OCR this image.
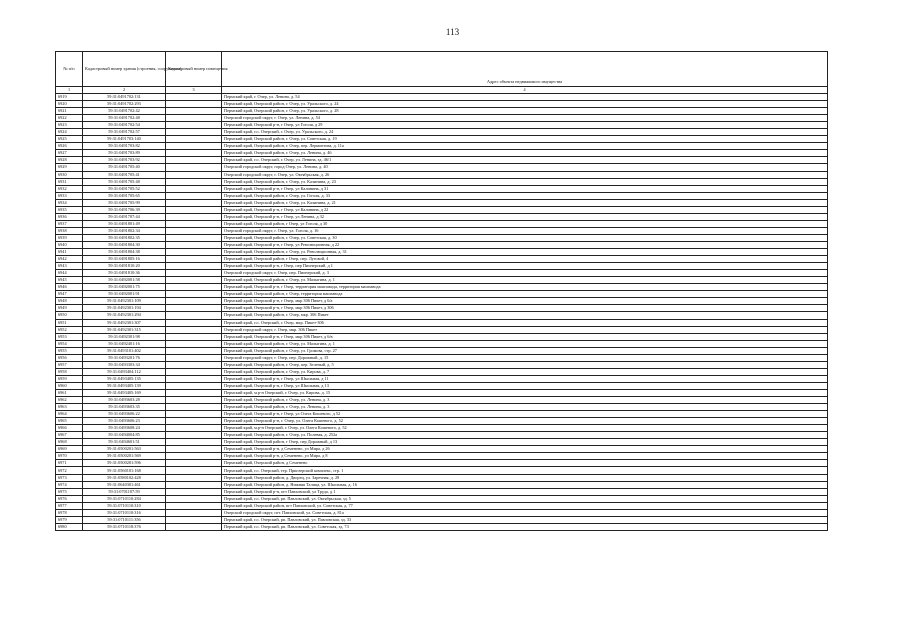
113
№ п/п	Кадастровый номер здания (строения, сооружения)	Кадастровый номер помещения	Адрес объекта недвижимого имущества
1	2	3	4
6919	59:31:0491702:131		Пермский край, г. Очер, ул. Ленина, д. 54
6920	59:31:0491702:293		Пермский край, Очерский район, г. Очер, ул. Уральского, д. 24
6921	59:31:0491702:42		Пермский край, Очерский район, г. Очер, ул. Уральского, д. 28
6922	59:31:0491702:48		Очерский городской округ, г. Очер, ул. Ленина, д. 54
6923	59:31:0491702:54		Пермский край, Очерский р-н, г Очер, ул Гоголя, д 29
6924	59:31:0491702:57		Пермский край, г.о. Очерский, г. Очер, ул. Уральского, д. 24
6925	59:31:0491703:140		Пермский край, Очерский район, г. Очер, ул. Советская, д. 19
6926	59:31:0491703:82		Пермский край, Очерский район, г. Очер, пер. Лермонтова, д. 11а
6927	59:31:0491703:89		Пермский край, Очерский район, г. Очер, ул. Ленина, д. 46
6928	59:31:0491703:92		Пермский край, г.о. Очерский, г. Очер, ул. Ленина, зд. 46/1
6929	59:31:0491705:40		Очерский городской округ, город Очер, ул. Ленина, д. 40
6930	59:31:0491705:41		Очерский городской округ, г. Очер, ул. Октябрьская, д. 26
6931	59:31:0491705:48		Пермский край, Очерский район, г. Очер, ул. Калинина, д. 23
6932	59:31:0491705:52		Пермский край, Очерский р-н, г Очер, ул Калинина, д 31
6933	59:31:0491705:65		Пермский край, Очерский район, г. Очер, ул. Гоголя, д. 33
6934	59:31:0491705:99		Пермский край, Очерский район, г. Очер, ул. Калинина, д. 21
6935	59:31:0491706:39		Пермский край, Очерский р-н, г Очер, ул Калинина, д 22
6936	59:31:0491707:44		Пермский край, Очерский р-н, г Очер, ул Ленина, д 32
6937	59:31:0491801:49		Пермский край, Очерский район, г Очер, ул Гоголя, д 30
6938	59:31:0491802:34		Очерский городской округ, г. Очер, ул. Гоголя, д. 16
6939	59:31:0491802:35		Пермский край, Очерский район, г. Очер, ул. Советская, д. 30
6940	59:31:0491804:30		Пермский край, Очерский р-н, г Очер, ул Революционная, д 22
6941	59:31:0491804:38		Пермский край, Очерский район, г. Очер, ул. Революционная, д. 31
6942	59:31:0491805:16		Пермский край, Очерский район, г Очер, пер. Луговой, 4
6943	59:31:0491810:20		Пермский край, Очерский р-н, г Очер, пер Пионерский, д 1
6944	59:31:0491810:36		Очерский городской округ, г. Очер, пер. Пионерский, д. 3
6945	59:31:0492001:58		Пермский край, Очерский район, г. Очер, ул. Малыгина, д. 1
6946	59:31:0492001:75		Пермский край, Очерский р-н, г Очер, территория машзавода, территория машзавода
6947	59:31:0492001:91		Пермский край, Очерский район, г. Очер, территория машзавода
6948	59:31:0492301:109		Пермский край, Очерский р-н, г Очер, мкр 306 Пикет, д 6/а
6949	59:31:0492301:194		Пермский край, Очерский р-н, г Очер, мкр 306 Пикет, д 306
6950	59:31:0492301:294		Пермский край, Очерский район, г. Очер, мкр. 306 Пикет
6951	59:31:0492301:307		Пермский край, г.о. Очерский, г. Очер, мкр. Пикет-306
6952	59:31:0492301:315		Очерский городской округ, г. Очер, мкр. 306 Пикет
6953	59:31:0492301:98		Пермский край, Очерский р-н, г Очер, мкр 306 Пикет, д 6/в
6954	59:31:0492401:16		Пермский край, Очерский район, г. Очер, ул. Малыгина, д. 1
6955	59:31:0493101:402		Пермский край, Очерский район, г. Очер, ул. Громова, стр. 27
6956	59:31:0493201:76		Очерский городской округ, г. Очер, пер. Дорожный, д. 15
6957	59:31:0493303:34		Пермский край, Очерский район, г. Очер, пер. Зеленый, д. 5
6958	59:31:0493404:112		Пермский край, Очерский район, г. Очер, ул. Кирова, д. 7
6959	59:31:0493405:135		Пермский край, Очерский р-н, г Очер, ул Школьная, д 11
6960	59:31:0493405:139		Пермский край, Очерский р-н, г Очер, ул Школьная, д 13
6961	59:31:0493405:169		Пермский край, м.р-н Очерский, г. Очер, ул. Кирова, д. 15
6962	59:31:0493603:28		Пермский край, Очерский район, г. Очер, ул. Ленина, д. 3
6963	59:31:0493603:35		Пермский край, Очерский район, г. Очер, ул. Ленина, д. 3
6964	59:31:0493606:22		Пермский край, Очерский р-н, г Очер, ул Олега Кошевого, д 52
6965	59:31:0493606:23		Пермский край, Очерский р-н, г. Очер, ул. Олега Кошевого, д. 52
6966	59:31:0493608:24		Пермский край, м.р-н Очерский, г. Очер, ул. Олега Кошевого, д. 52
6967	59:31:0494004:85		Пермский край, Очерский район, г. Очер, ул. Полевая, д. 252а
6968	59:31:0494601:51		Пермский край, Очерский район, г Очер, пер Дорожный, д 13
6969	59:31:0500201:563		Пермский край, Очерский р-н, д Семенено, ул Мира, д 26
6970	59:31:0500201:569		Пермский край, Очерский р-н, д Семенено, ул Мира, д 8
6971	59:31:0500201:596		Пермский край, Очерский район, д Семенено
6972	59:31:0560101:168		Пермский край, г.о. Очерский, тер. Приозерский комплекс, стр. 1
6973	59:31:0580102:428		Пермский край, Очерский район, д. Дворец, ул. Заречная, д. 28
6974	59:31:0640301:461		Пермский край, Очерский район, д. Нижняя Талица, ул. Школьная, д. 16
6975	59:31:0701107:59		Пермский край, Очерский р-н, пгт Павловский, ул Труда, д 1
6976	59:31:0710110:284		Пермский край, г.о. Очерский, рп. Павловский, ул. Октябрьская, зд. 5
6977	59:31:0710110:310		Пермский край, Очерский район, пгт Павловский, ул. Советская, д. 77
6978	59:31:0710110:316		Очерский городской округ, пгт. Павловский, ул. Советская, д. 81а
6979	59:31:0710111:356		Пермский край, г.о. Очерский, рп. Павловский, ул. Павловская, зд. 33
6980	59:31:0710118:376		Пермский край, г.о. Очерский, рп. Павловский, ул. Советская, зд. 73
